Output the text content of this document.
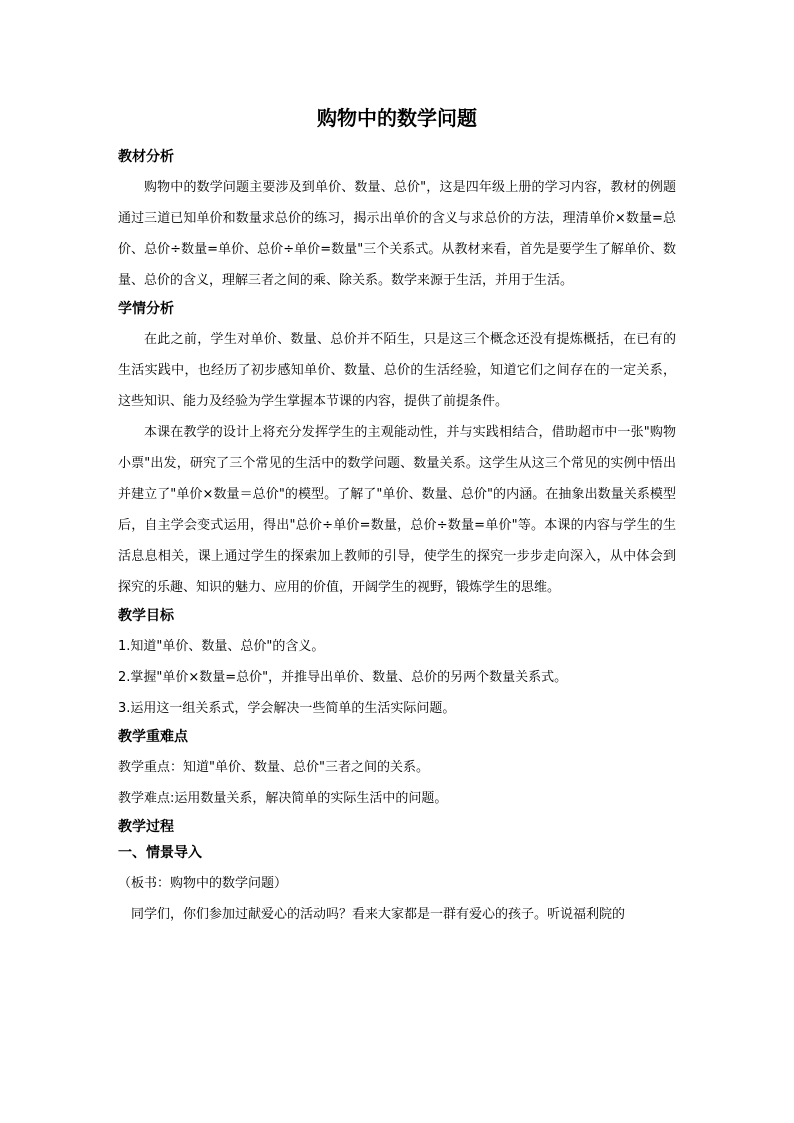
购物中的数学问题
教材分析

购物中的数学问题主要涉及到单价、数量、总价"，这是四年级上册的学习内容，教材的例题通过三道已知单价和数量求总价的练习，揭示出单价的含义与求总价的方法，理清单价×数量=总价、总价÷数量=单价、总价÷单价=数量"三个关系式。从教材来看，首先是要学生了解单价、数量、总价的含义，理解三者之间的乘、除关系。数学来源于生活，并用于生活。

学情分析

在此之前，学生对单价、数量、总价并不陌生，只是这三个概念还没有提炼概括，在已有的生活实践中，也经历了初步感知单价、数量、总价的生活经验，知道它们之间存在的一定关系，这些知识、能力及经验为学生掌握本节课的内容，提供了前提条件。

本课在教学的设计上将充分发挥学生的主观能动性，并与实践相结合，借助超市中一张"购物小票"出发，研究了三个常见的生活中的数学问题、数量关系。这学生从这三个常见的实例中悟出并建立了"单价×数量＝总价"的模型。了解了"单价、数量、总价"的内涵。在抽象出数量关系模型后，自主学会变式运用，得出"总价÷单价=数量，总价÷数量=单价"等。本课的内容与学生的生活息息相关，课上通过学生的探索加上教师的引导，使学生的探究一步步走向深入，从中体会到探究的乐趣、知识的魅力、应用的价值，开阔学生的视野，锻炼学生的思维。

教学目标

1.知道"单价、数量、总价"的含义。

2.掌握"单价×数量=总价"，并推导出单价、数量、总价的另两个数量关系式。

3.运用这一组关系式，学会解决一些简单的生活实际问题。

教学重难点

教学重点：知道"单价、数量、总价"三者之间的关系。

教学难点:运用数量关系，解决简单的实际生活中的问题。

教学过程
一、情景导入

（板书：购物中的数学问题）

同学们，你们参加过献爱心的活动吗？看来大家都是一群有爱心的孩子。听说福利院的
